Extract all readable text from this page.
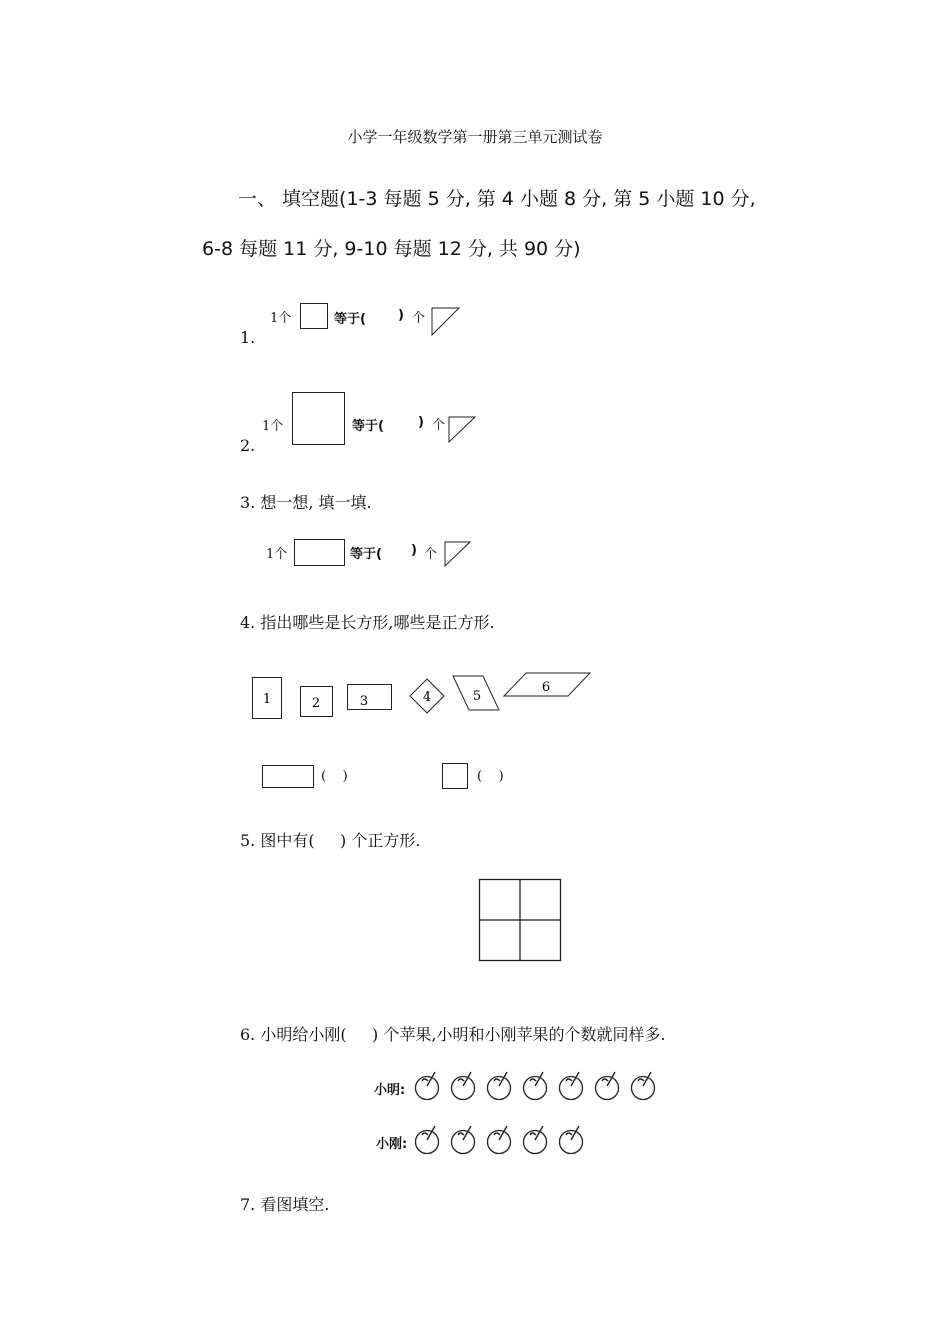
小学一年级数学第一册第三单元测试卷
一、 填空题(1-3 每题 5 分, 第 4 小题 8 分, 第 5 小题 10 分,
6-8 每题 11 分, 9-10 每题 12 分, 共 90 分)
1.
1个	等于( ) 个
2.
1个	等于(	) 个
3. 想一想, 填一填.
1个	等于( ) 个
4. 指出哪些是长方形,哪些是正方形.
1	2	3	4	5
6
(    )	(    )
5. 图中有(     ) 个正方形.
6. 小明给小刚(     ) 个苹果,小明和小刚苹果的个数就同样多.
小明:
小刚:
7. 看图填空.
